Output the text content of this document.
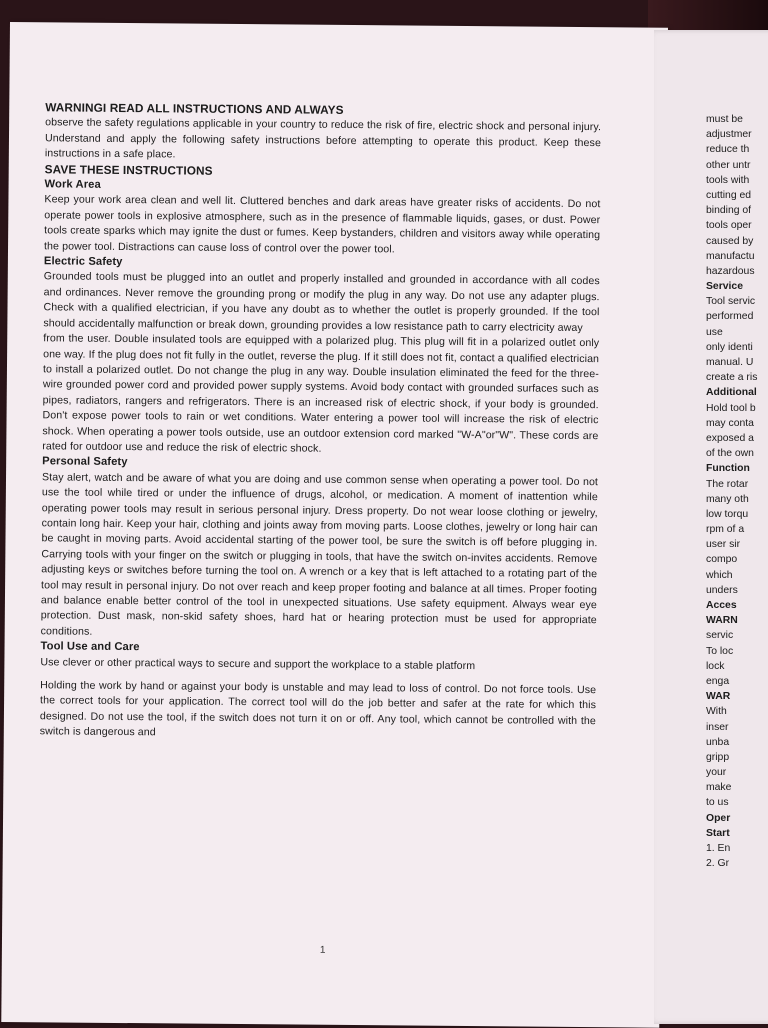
WARNINGI READ ALL INSTRUCTIONS AND ALWAYS

observe the safety regulations applicable in your country to reduce the risk of fire, electric shock and personal injury. Understand and apply the following safety instructions before attempting to operate this product. Keep these instructions in a safe place.

SAVE THESE INSTRUCTIONS

Work Area

Keep your work area clean and well lit. Cluttered benches and dark areas have greater risks of accidents. Do not operate power tools in explosive atmosphere, such as in the presence of flammable liquids, gases, or dust. Power tools create sparks which may ignite the dust or fumes. Keep bystanders, children and visitors away while operating the power tool. Distractions can cause loss of control over the power tool.

Electric Safety

Grounded tools must be plugged into an outlet and properly installed and grounded in accordance with all codes and ordinances. Never remove the grounding prong or modify the plug in any way. Do not use any adapter plugs. Check with a qualified electrician, if you have any doubt as to whether the outlet is properly grounded. If the tool should accidentally malfunction or break down, grounding provides a low resistance path to carry electricity away

from the user. Double insulated tools are equipped with a polarized plug. This plug will fit in a polarized outlet only one way. If the plug does not fit fully in the outlet, reverse the plug. If it still does not fit, contact a qualified electrician to install a polarized outlet. Do not change the plug in any way. Double insulation eliminated the feed for the three-wire grounded power cord and provided power supply systems. Avoid body contact with grounded surfaces such as pipes, radiators, rangers and refrigerators. There is an increased risk of electric shock, if your body is grounded. Don't expose power tools to rain or wet conditions. Water entering a power tool will increase the risk of electric shock. When operating a power tools outside, use an outdoor extension cord marked "W-A"or"W". These cords are rated for outdoor use and reduce the risk of electric shock.

Personal Safety

Stay alert, watch and be aware of what you are doing and use common sense when operating a power tool. Do not use the tool while tired or under the influence of drugs, alcohol, or medication. A moment of inattention while operating power tools may result in serious personal injury. Dress property. Do not wear loose clothing or jewelry, contain long hair. Keep your hair, clothing and joints away from moving parts. Loose clothes, jewelry or long hair can be caught in moving parts. Avoid accidental starting of the power tool, be sure the switch is off before plugging in. Carrying tools with your finger on the switch or plugging in tools, that have the switch on-invites accidents. Remove adjusting keys or switches before turning the tool on. A wrench or a key that is left attached to a rotating part of the tool may result in personal injury. Do not over reach and keep proper footing and balance at all times. Proper footing and balance enable better control of the tool in unexpected situations. Use safety equipment. Always wear eye protection. Dust mask, non-skid safety shoes, hard hat or hearing protection must be used for appropriate conditions.

Tool Use and Care

Use clever or other practical ways to secure and support the workplace to a stable platform

Holding the work by hand or against your body is unstable and may lead to loss of control. Do not force tools. Use the correct tools for your application. The correct tool will do the job better and safer at the rate for which this designed. Do not use the tool, if the switch does not turn it on or off. Any tool, which cannot be controlled with the switch is dangerous and

1
must be
adjustmer
reduce th
other untr
tools with
cutting ed
binding of
tools oper
caused by
manufactu
hazardous
Service
Tool servic
performed
use
only identi
manual. U
create a ris
Additional
Hold tool b
may conta
exposed a
of the own
Function
The rotar
many oth
low torqu
rpm of a
user sir
compo
which
unders
Acces
WARN
servic
To loc
lock
enga
WAR
With
inser
unba
gripp
your
make
to us
Oper
Start
1. En
2. Gr
